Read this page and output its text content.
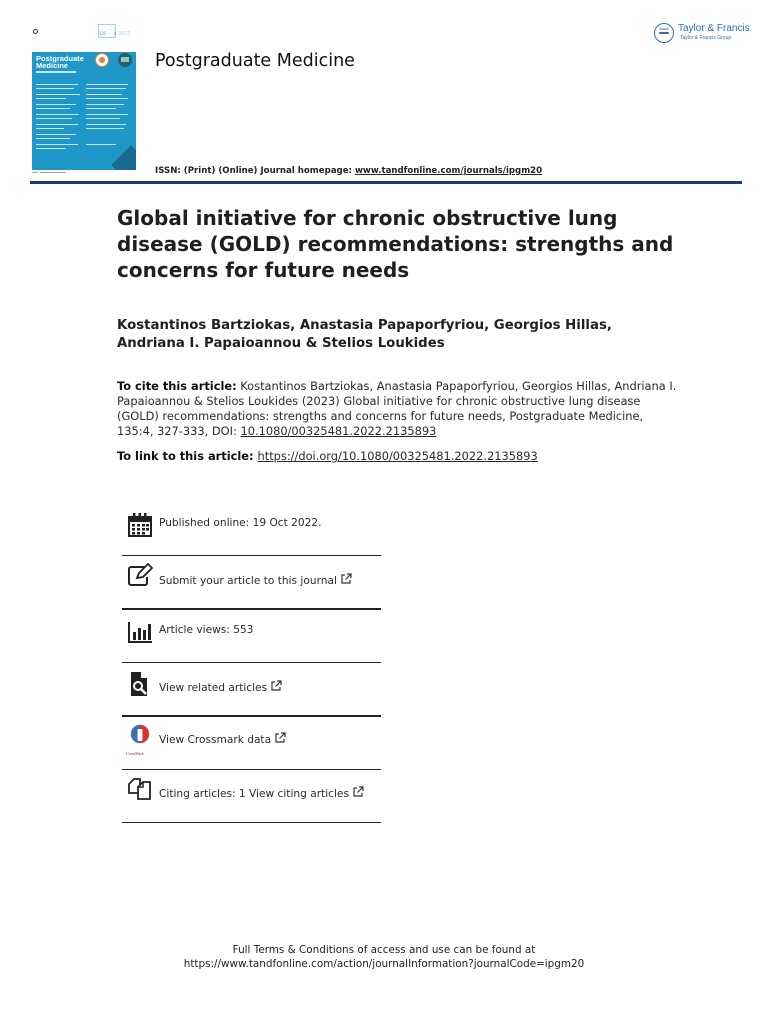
135 · 4 2023
Postgraduate
Medicine	Postgraduate Medicine
Taylor & Francis
Taylor & Francis Group
ISSN: (Print) (Online) Journal homepage: www.tandfonline.com/journals/ipgm20
Global initiative for chronic obstructive lung disease (GOLD) recommendations: strengths and concerns for future needs
Kostantinos Bartziokas, Anastasia Papaporfyriou, Georgios Hillas, Andriana I. Papaioannou & Stelios Loukides
To cite this article: Kostantinos Bartziokas, Anastasia Papaporfyriou, Georgios Hillas, Andriana I. Papaioannou & Stelios Loukides (2023) Global initiative for chronic obstructive lung disease (GOLD) recommendations: strengths and concerns for future needs, Postgraduate Medicine, 135:4, 327-333, DOI: 10.1080/00325481.2022.2135893
To link to this article: https://doi.org/10.1080/00325481.2022.2135893
Published online: 19 Oct 2022.
Submit your article to this journal
Article views: 553
View related articles
CrossMark
View Crossmark data
Citing articles: 1 View citing articles
Full Terms & Conditions of access and use can be found at
https://www.tandfonline.com/action/journalInformation?journalCode=ipgm20
